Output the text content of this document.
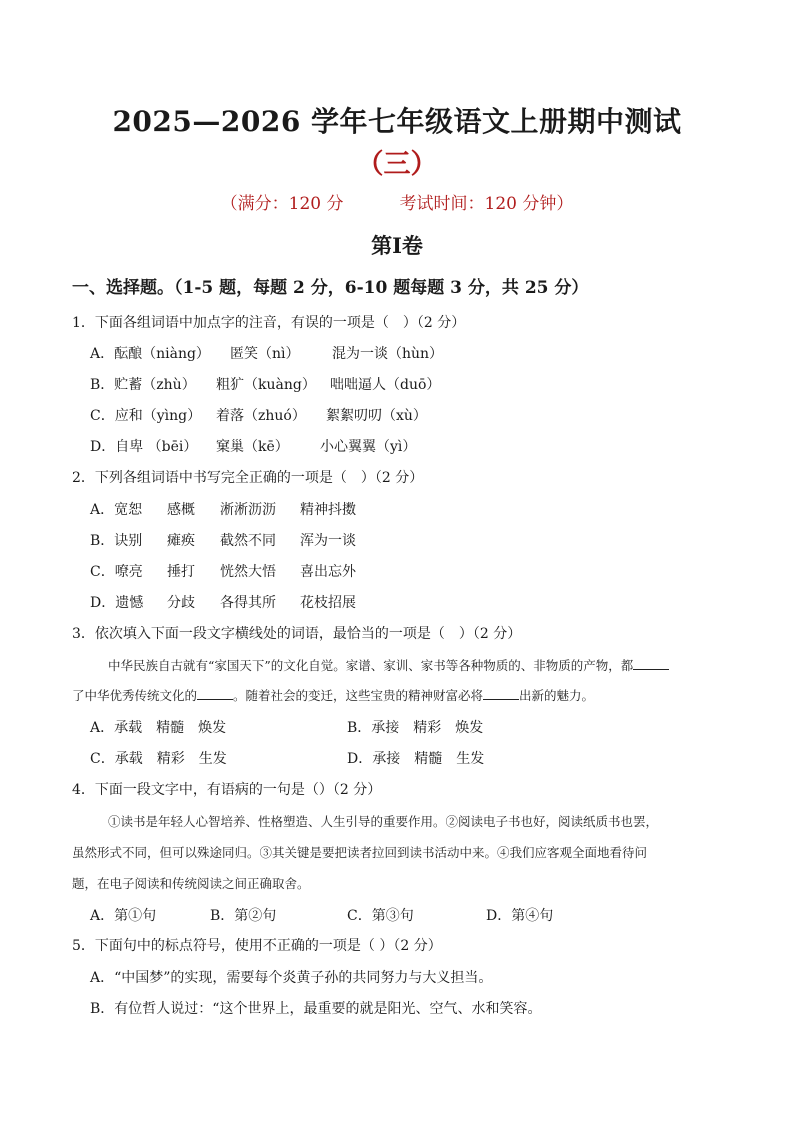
2025—2026 学年七年级语文上册期中测试
（三）
（满分：120 分	考试时间：120 分钟）
第Ⅰ卷
一、选择题。（1-5 题，每题 2 分，6-10 题每题 3 分，共 25 分）
1．下面各组词语中加点字的注音，有误的一项是（　）（2 分）
A．酝酿（niàng） 匿笑（nì） 混为一谈（hùn）
B．贮蓄（zhù） 粗犷（kuàng） 咄咄逼人（duō）
C．应和（yìng） 着落（zhuó） 絮絮叨叨（xù）
D．自卑 （bēi） 窠巢（kē） 小心翼翼（yì）
2．下列各组词语中书写完全正确的一项是（　）（2 分）
A．宽恕 感概 淅淅沥沥 精神抖擞
B．诀别 瘫痪 截然不同 浑为一谈
C．嘹亮 捶打 恍然大悟 喜出忘外
D．遗憾 分歧 各得其所 花枝招展
3．依次填入下面一段文字横线处的词语，最恰当的一项是（　）（2 分）
中华民族自古就有“家国天下”的文化自觉。家谱、家训、家书等各种物质的、非物质的产物，都
了中华优秀传统文化的	。随着社会的变迁，这些宝贵的精神财富必将	出新的魅力。
A．承载　精髓　焕发	B．承接　精彩　焕发
C．承载　精彩　生发	D．承接　精髓　生发
4．下面一段文字中，有语病的一句是（）（2 分）
①读书是年轻人心智培养、性格塑造、人生引导的重要作用。②阅读电子书也好，阅读纸质书也罢，
虽然形式不同，但可以殊途同归。③其关键是要把读者拉回到读书活动中来。④我们应客观全面地看待问
题，在电子阅读和传统阅读之间正确取舍。
A．第①句	B．第②句	C．第③句	D．第④句
5．下面句中的标点符号，使用不正确的一项是（ ）（2 分）
A．“中国梦”的实现，需要每个炎黄子孙的共同努力与大义担当。
B．有位哲人说过：“这个世界上，最重要的就是阳光、空气、水和笑容。
